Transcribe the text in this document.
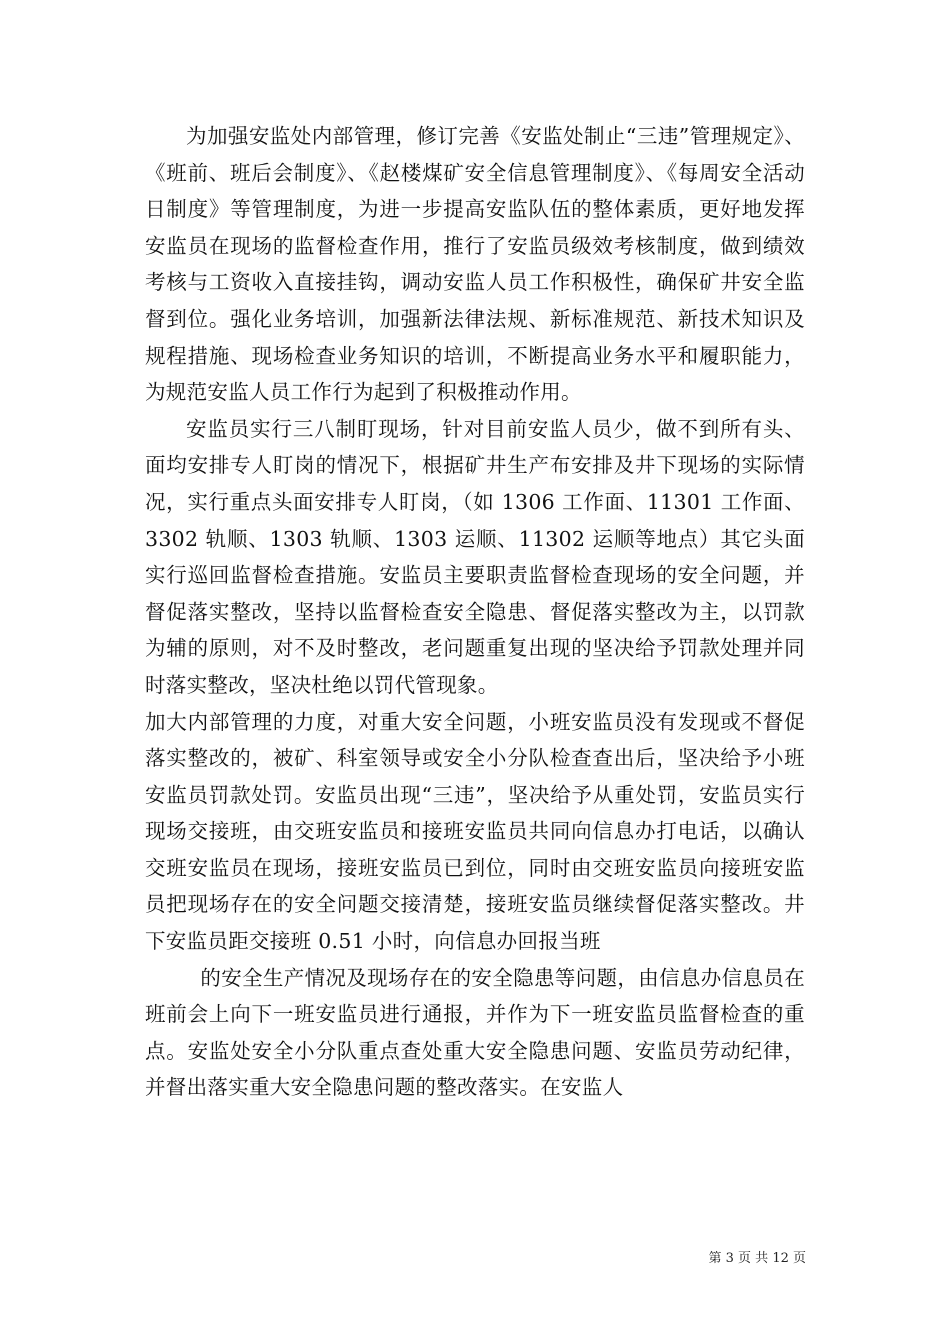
为加强安监处内部管理，修订完善《安监处制止“三违”管理规定》、《班前、班后会制度》、《赵楼煤矿安全信息管理制度》、《每周安全活动日制度》等管理制度，为进一步提高安监队伍的整体素质，更好地发挥安监员在现场的监督检查作用，推行了安监员级效考核制度，做到绩效考核与工资收入直接挂钩，调动安监人员工作积极性，确保矿井安全监督到位。强化业务培训，加强新法律法规、新标准规范、新技术知识及规程措施、现场检查业务知识的培训，不断提高业务水平和履职能力，为规范安监人员工作行为起到了积极推动作用。

安监员实行三八制盯现场，针对目前安监人员少，做不到所有头、面均安排专人盯岗的情况下，根据矿井生产布安排及井下现场的实际情况，实行重点头面安排专人盯岗，（如 1306 工作面、11301 工作面、3302 轨顺、1303 轨顺、1303 运顺、11302 运顺等地点）其它头面实行巡回监督检查措施。安监员主要职责监督检查现场的安全问题，并督促落实整改，坚持以监督检查安全隐患、督促落实整改为主，以罚款为辅的原则，对不及时整改，老问题重复出现的坚决给予罚款处理并同时落实整改，坚决杜绝以罚代管现象。

加大内部管理的力度，对重大安全问题，小班安监员没有发现或不督促落实整改的，被矿、科室领导或安全小分队检查查出后，坚决给予小班安监员罚款处罚。安监员出现“三违”，坚决给予从重处罚，安监员实行现场交接班，由交班安监员和接班安监员共同向信息办打电话，以确认交班安监员在现场，接班安监员已到位，同时由交班安监员向接班安监员把现场存在的安全问题交接清楚，接班安监员继续督促落实整改。井下安监员距交接班 0.51 小时，向信息办回报当班

的安全生产情况及现场存在的安全隐患等问题，由信息办信息员在班前会上向下一班安监员进行通报，并作为下一班安监员监督检查的重点。安监处安全小分队重点查处重大安全隐患问题、安监员劳动纪律，并督出落实重大安全隐患问题的整改落实。在安监人

第 3 页 共 12 页
